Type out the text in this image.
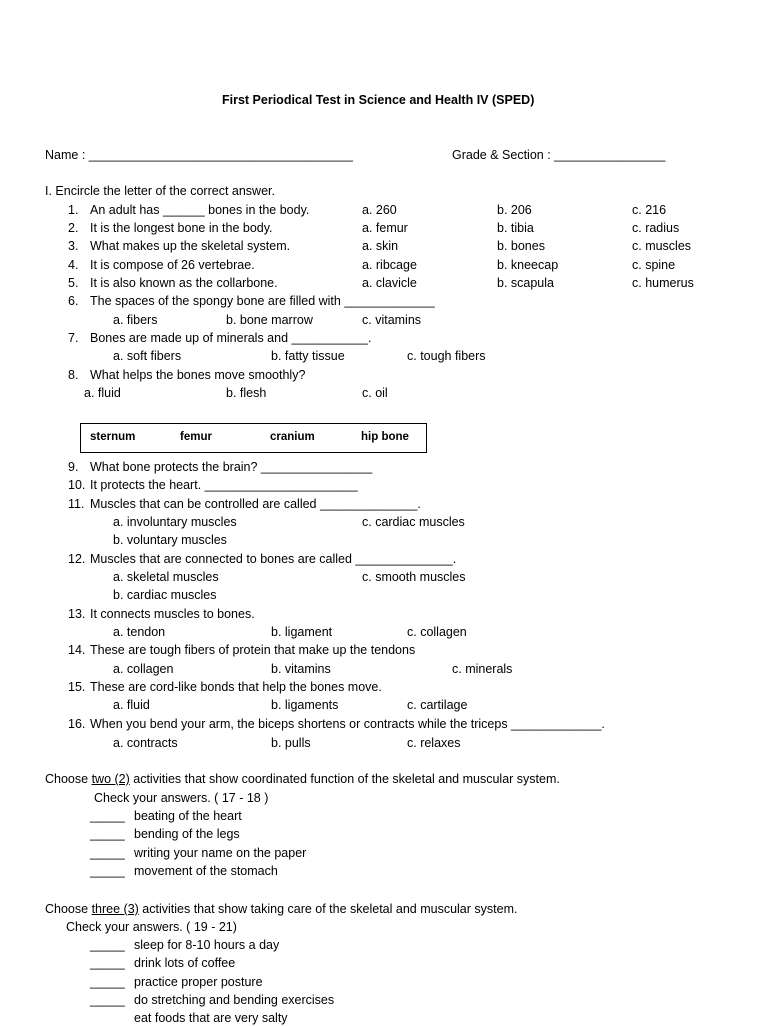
First Periodical Test in Science and Health IV (SPED)
Name : ______________________________________	Grade & Section : ________________
I. Encircle the letter of the correct answer.
1. An adult has ______ bones in the body.	a. 260	b. 206	c. 216
2. It is the longest bone in the body.	a. femur	b. tibia	c. radius
3. What makes up the skeletal system.	a. skin	b. bones	c. muscles
4. It is compose of 26 vertebrae.	a. ribcage	b. kneecap	c. spine
5. It is also known as the collarbone.	a. clavicle	b. scapula	c. humerus
6. The spaces of the spongy bone are filled with _____________
a. fibers	b. bone marrow	c. vitamins
7. Bones are made up of minerals and ___________.
a. soft fibers	b. fatty tissue	c. tough fibers
8. What helps the bones move smoothly?
a. fluid	b. flesh	c. oil
sternum	femur	cranium	hip bone
9. What bone protects the brain? ________________
10. It protects the heart. ______________________
11. Muscles that can be controlled are called ______________.
a. involuntary muscles	c. cardiac muscles
b. voluntary muscles
12. Muscles that are connected to bones are called ______________.
a. skeletal muscles	c. smooth muscles
b. cardiac muscles
13. It connects muscles to bones.
a. tendon	b. ligament	c. collagen
14. These are tough fibers of protein that make up the tendons
a. collagen	b. vitamins	c. minerals
15. These are cord-like bonds that help the bones move.
a. fluid	b. ligaments	c. cartilage
16. When you bend your arm, the biceps shortens or contracts while the triceps _____________.
a. contracts	b. pulls	c. relaxes
Choose two (2) activities that show coordinated function of the skeletal and muscular system.
Check your answers. ( 17 - 18 )
_____ beating of the heart
_____ bending of the legs
_____ writing your name on the paper
_____ movement of the stomach
Choose three (3) activities that show taking care of the skeletal and muscular system.
Check your answers. ( 19 - 21)
_____ sleep for 8-10 hours a day
_____ drink lots of coffee
_____ practice proper posture
_____ do stretching and bending exercises
eat foods that are very salty
